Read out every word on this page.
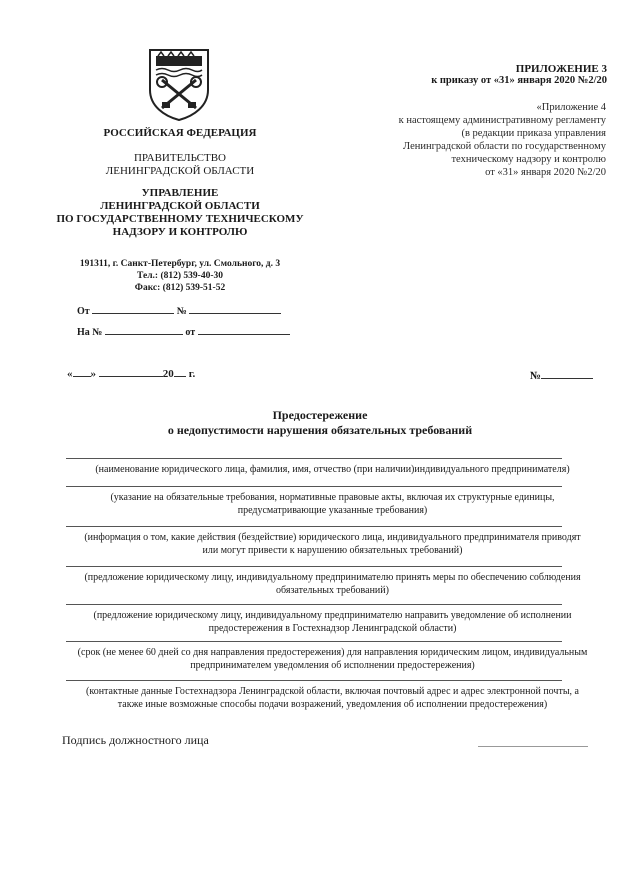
РОССИЙСКАЯ ФЕДЕРАЦИЯ
ПРАВИТЕЛЬСТВО
ЛЕНИНГРАДСКОЙ ОБЛАСТИ
УПРАВЛЕНИЕ
ЛЕНИНГРАДСКОЙ ОБЛАСТИ
ПО ГОСУДАРСТВЕННОМУ ТЕХНИЧЕСКОМУ
НАДЗОРУ И КОНТРОЛЮ
191311, г. Санкт-Петербург, ул. Смольного, д. 3
Тел.: (812) 539-40-30
Факс: (812) 539-51-52
От	№
На №	от
ПРИЛОЖЕНИЕ 3
к приказу от «31» января 2020 №2/20
«Приложение 4
к настоящему административному регламенту
(в редакции приказа управления
Ленинградской области по государственному
техническому надзору и контролю
от «31» января 2020 №2/20
« »	20 г.	№
Предостережение
о недопустимости нарушения обязательных требований
(наименование юридического лица, фамилия, имя, отчество (при наличии)индивидуального предпринимателя)
(указание на обязательные требования, нормативные правовые акты, включая их структурные единицы,
предусматривающие указанные требования)
(информация о том, какие действия (бездействие) юридического лица, индивидуального предпринимателя приводят
или могут привести к нарушению обязательных требований)
(предложение юридическому лицу, индивидуальному предпринимателю принять меры по обеспечению соблюдения
обязательных требований)
(предложение юридическому лицу, индивидуальному предпринимателю направить уведомление об исполнении
предостережения в Гостехнадзор Ленинградской области)
(срок (не менее 60 дней со дня направления предостережения) для направления юридическим лицом, индивидуальным
предпринимателем уведомления об исполнении предостережения)
(контактные данные Гостехнадзора Ленинградской области, включая почтовый адрес и адрес электронной почты, а
также иные возможные способы подачи возражений, уведомления об исполнении предостережения)
Подпись должностного лица
